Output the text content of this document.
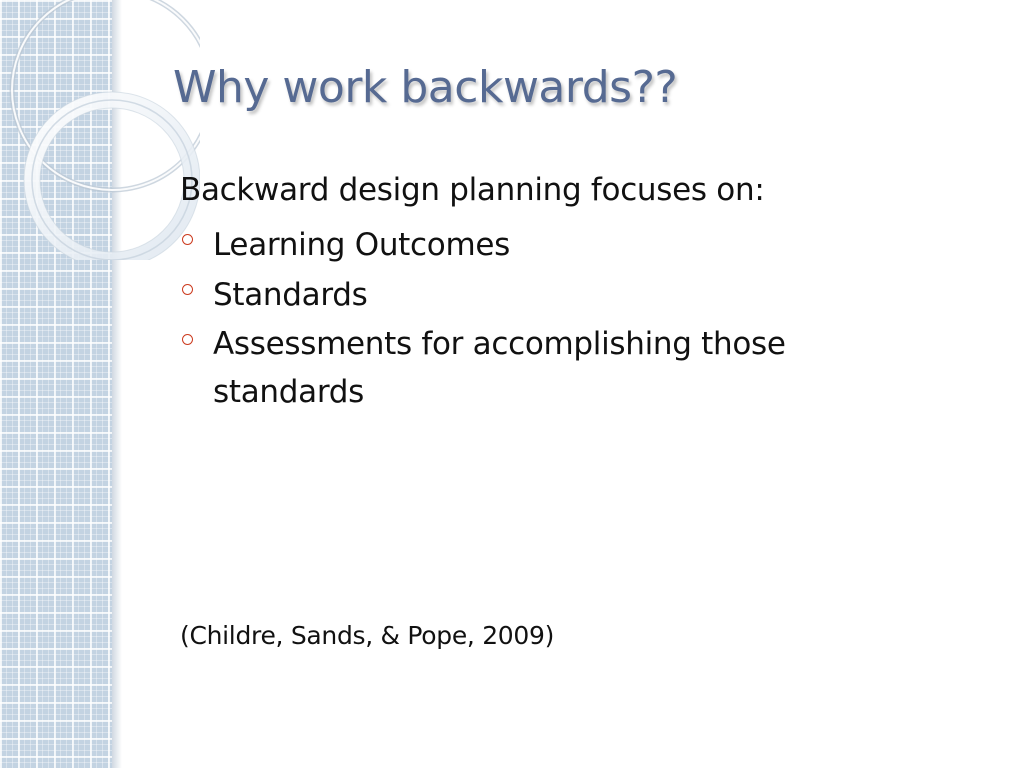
Why work backwards??

Backward design planning focuses on:

Learning Outcomes
Standards
Assessments for accomplishing those standards
(Childre, Sands, & Pope, 2009)
